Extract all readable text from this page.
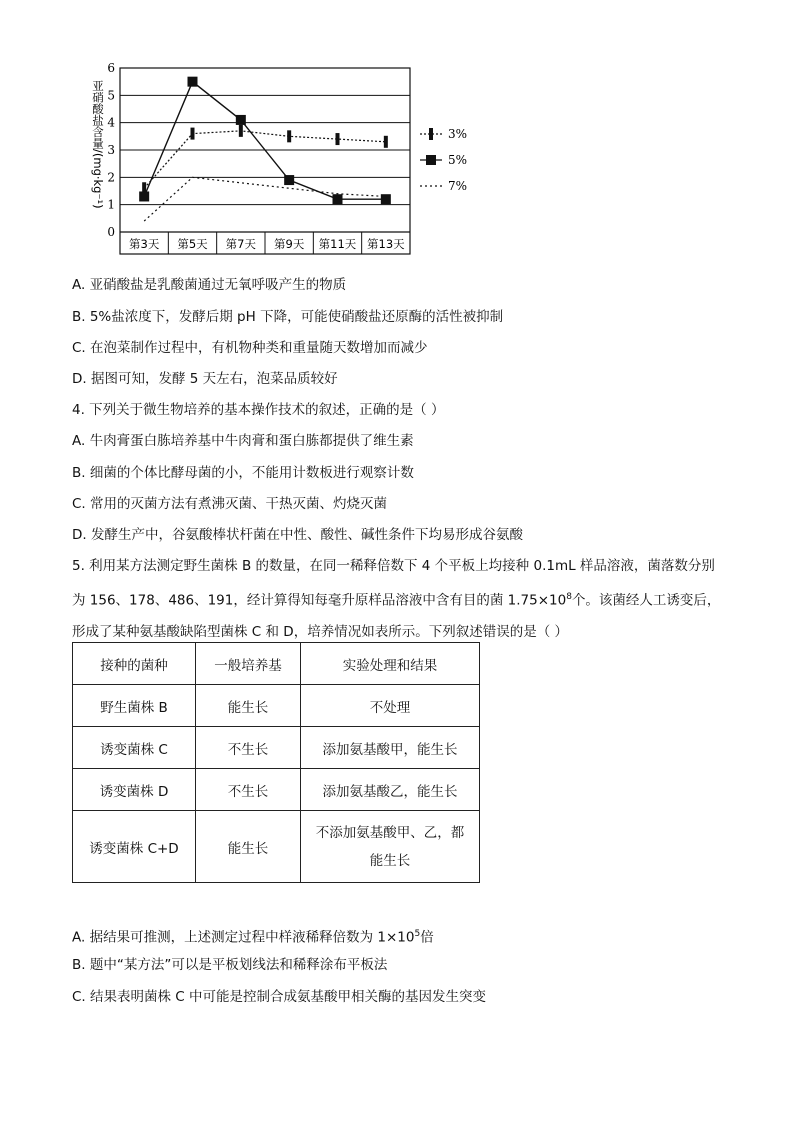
0
1
2
3
4
5
6
第3天 第5天 第7天 第9天 第11天 第13天
亚硝酸盐含量/(mg·kg⁻¹)	3%
5%
7%
A. 亚硝酸盐是乳酸菌通过无氧呼吸产生的物质
B. 5%盐浓度下，发酵后期 pH 下降，可能使硝酸盐还原酶的活性被抑制
C. 在泡菜制作过程中，有机物种类和重量随天数增加而减少
D. 据图可知，发酵 5 天左右，泡菜品质较好
4. 下列关于微生物培养的基本操作技术的叙述，正确的是（ ）
A. 牛肉膏蛋白胨培养基中牛肉膏和蛋白胨都提供了维生素
B. 细菌的个体比酵母菌的小，不能用计数板进行观察计数
C. 常用的灭菌方法有煮沸灭菌、干热灭菌、灼烧灭菌
D. 发酵生产中，谷氨酸棒状杆菌在中性、酸性、碱性条件下均易形成谷氨酸
5. 利用某方法测定野生菌株 B 的数量，在同一稀释倍数下 4 个平板上均接种 0.1mL 样品溶液，菌落数分别为 156、178、486、191，经计算得知每毫升原样品溶液中含有目的菌 $1.75\times 10^8$个。该菌经人工诱变后，形成了某种氨基酸缺陷型菌株 C 和 D，培养情况如表所示。下列叙述错误的是（ ）
接种的菌种	一般培养基	实验处理和结果
野生菌株 B	能生长	不处理
诱变菌株 C	不生长	添加氨基酸甲，能生长
诱变菌株 D	不生长	添加氨基酸乙，能生长
诱变菌株 C+D	能生长	不添加氨基酸甲、乙，都能生长
A. 据结果可推测，上述测定过程中样液稀释倍数为 $1\times 10^5$倍
B. 题中“某方法”可以是平板划线法和稀释涂布平板法
C. 结果表明菌株 C 中可能是控制合成氨基酸甲相关酶的基因发生突变
